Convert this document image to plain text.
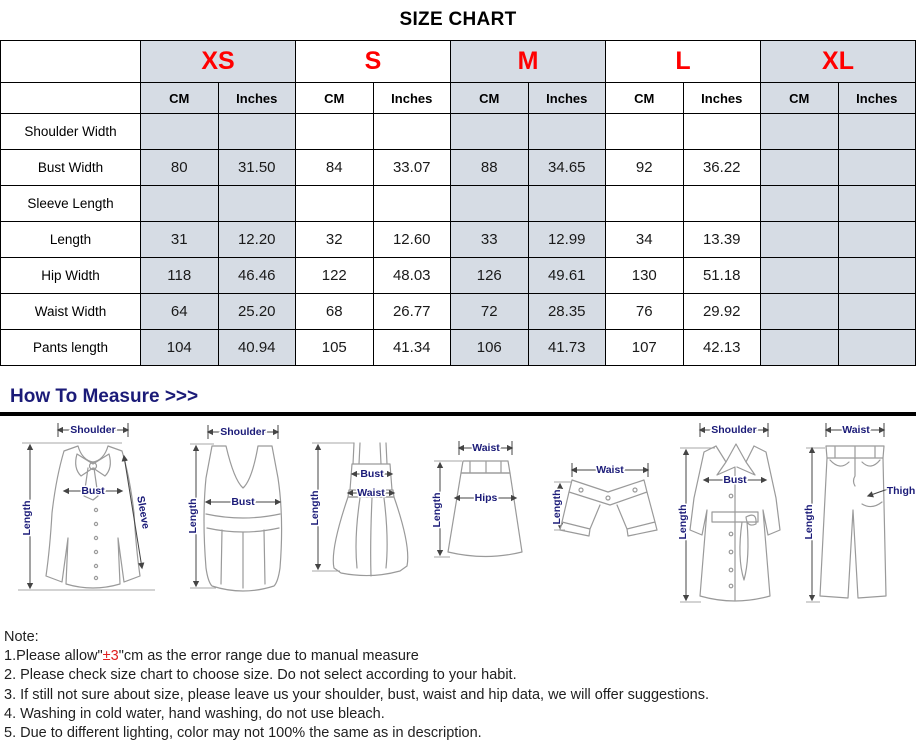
SIZE CHART
	XS		S		M		L		XL	
	CM	Inches	CM	Inches	CM	Inches	CM	Inches	CM	Inches
Shoulder Width										
Bust Width	80	31.50	84	33.07	88	34.65	92	36.22		
Sleeve Length										
Length	31	12.20	32	12.60	33	12.99	34	13.39		
Hip Width	118	46.46	122	48.03	126	49.61	130	51.18		
Waist Width	64	25.20	68	26.77	72	28.35	76	29.92		
Pants length	104	40.94	105	41.34	106	41.73	107	42.13		
How To Measure >>>
Shoulder
Length
Bust
Sleeve
Shoulder
Length	Bust	Length
Bust
Waist
Waist
Length	Hips
Waist
Length
Shoulder
Length
Bust
Waist
Length
Thigh
Note:
1.Please allow"±3"cm as the error range due to manual measure
2. Please check size chart to choose size. Do not select according to your habit.
3. If still not sure about size, please leave us your shoulder, bust, waist and hip data, we will offer suggestions.
4. Washing in cold water, hand washing, do not use bleach.
5. Due to different lighting, color may not 100% the same as in description.
